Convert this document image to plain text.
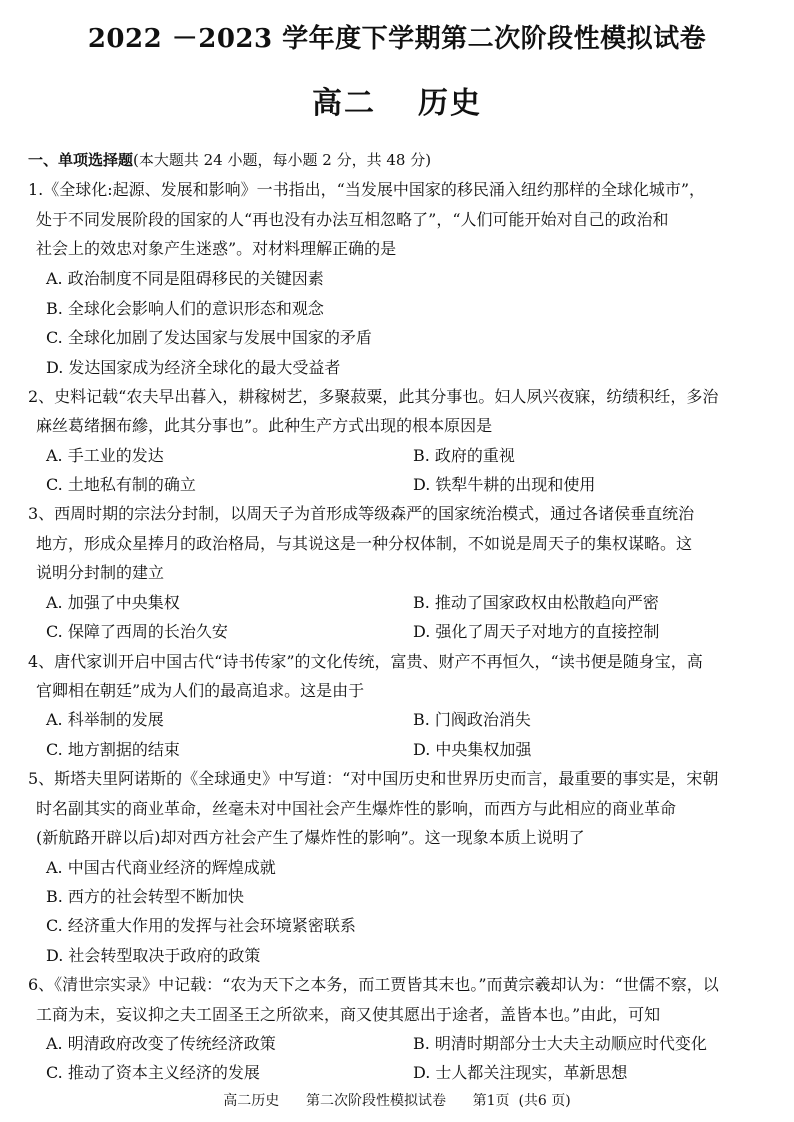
2022 －2023 学年度下学期第二次阶段性模拟试卷
高二 历史
一、单项选择题(本大题共 24 小题，每小题 2 分，共 48 分)
1.《全球化:起源、发展和影响》一书指出，“当发展中国家的移民涌入纽约那样的全球化城市”，
处于不同发展阶段的国家的人“再也没有办法互相忽略了”，“人们可能开始对自己的政治和
社会上的效忠对象产生迷惑”。对材料理解正确的是
A. 政治制度不同是阻碍移民的关键因素
B. 全球化会影响人们的意识形态和观念
C. 全球化加剧了发达国家与发展中国家的矛盾
D. 发达国家成为经济全球化的最大受益者
2、史料记载“农夫早出暮入，耕稼树艺，多聚菽粟，此其分事也。妇人夙兴夜寐，纺绩积纴，多治
麻丝葛绪捆布縿，此其分事也”。此种生产方式出现的根本原因是
A. 手工业的发达	B. 政府的重视
C. 土地私有制的确立	D. 铁犁牛耕的出现和使用
3、西周时期的宗法分封制，以周天子为首形成等级森严的国家统治模式，通过各诸侯垂直统治
地方，形成众星捧月的政治格局，与其说这是一种分权体制，不如说是周天子的集权谋略。这
说明分封制的建立
A. 加强了中央集权	B. 推动了国家政权由松散趋向严密
C. 保障了西周的长治久安	D. 强化了周天子对地方的直接控制
4、唐代家训开启中国古代“诗书传家”的文化传统，富贵、财产不再恒久，“读书便是随身宝，高
官卿相在朝廷”成为人们的最高追求。这是由于
A. 科举制的发展	B. 门阀政治消失
C. 地方割据的结束	D. 中央集权加强
5、斯塔夫里阿诺斯的《全球通史》中写道：“对中国历史和世界历史而言，最重要的事实是，宋朝
时名副其实的商业革命，丝毫未对中国社会产生爆炸性的影响，而西方与此相应的商业革命
(新航路开辟以后)却对西方社会产生了爆炸性的影响”。这一现象本质上说明了
A. 中国古代商业经济的辉煌成就
B. 西方的社会转型不断加快
C. 经济重大作用的发挥与社会环境紧密联系
D. 社会转型取决于政府的政策
6、《清世宗实录》中记载：“农为天下之本务，而工贾皆其末也。”而黄宗羲却认为：“世儒不察，以
工商为末，妄议抑之夫工固圣王之所欲来，商又使其愿出于途者，盖皆本也。”由此，可知
A. 明清政府改变了传统经济政策	B. 明清时期部分士大夫主动顺应时代变化
C. 推动了资本主义经济的发展	D. 士人都关注现实，革新思想
高二历史      第二次阶段性模拟试卷      第1页  (共6 页)
